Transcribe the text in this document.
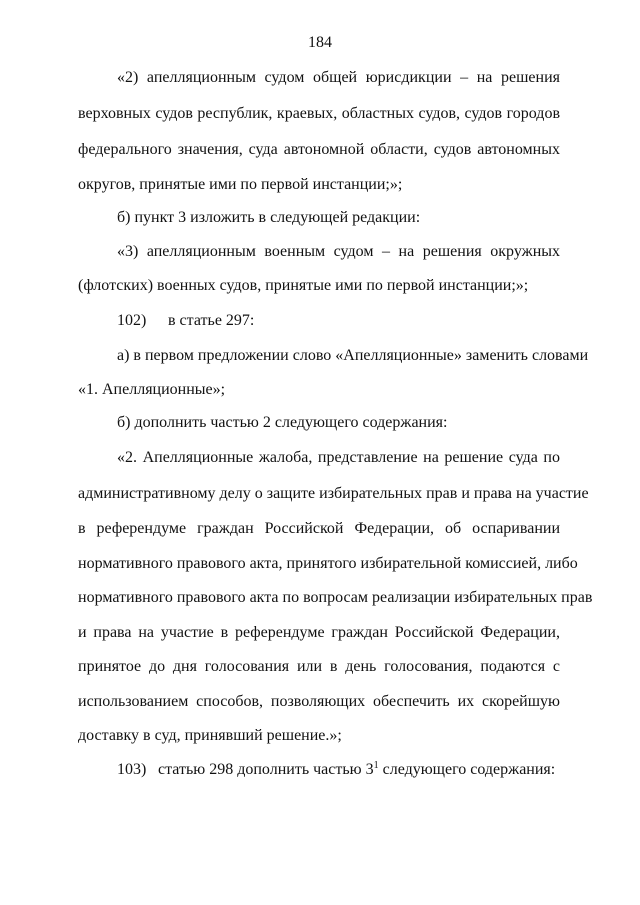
184
«2) апелляционным судом общей юрисдикции – на решения
верховных судов республик, краевых, областных судов, судов городов
федерального значения, суда автономной области, судов автономных
округов, принятые ими по первой инстанции;»;
б) пункт 3 изложить в следующей редакции:
«3) апелляционным военным судом – на решения окружных
(флотских) военных судов, принятые ими по первой инстанции;»;
102) в статье 297:
а) в первом предложении слово «Апелляционные» заменить словами
«1. Апелляционные»;
б) дополнить частью 2 следующего содержания:
«2. Апелляционные жалоба, представление на решение суда по
административному делу о защите избирательных прав и права на участие
в референдуме граждан Российской Федерации, об оспаривании
нормативного правового акта, принятого избирательной комиссией, либо
нормативного правового акта по вопросам реализации избирательных прав
и права на участие в референдуме граждан Российской Федерации,
принятое до дня голосования или в день голосования, подаются с
использованием способов, позволяющих обеспечить их скорейшую
доставку в суд, принявший решение.»;
103) статью 298 дополнить частью $3^1$ следующего содержания:
